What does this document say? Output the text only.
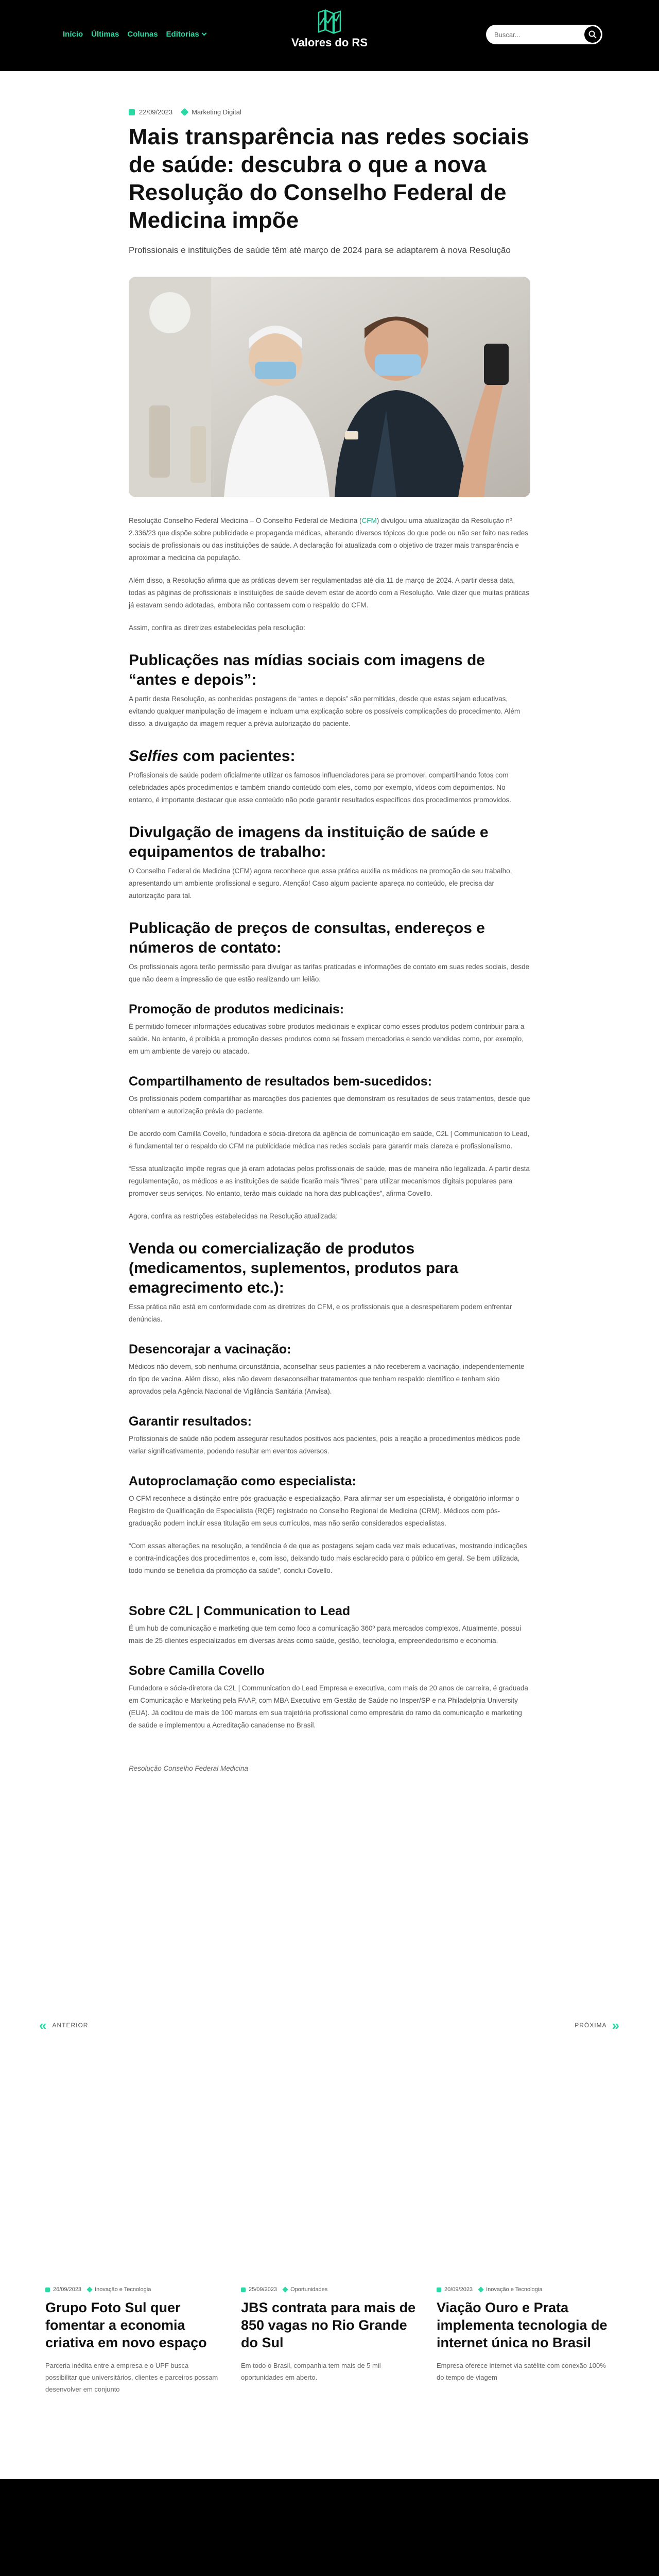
Início Últimas Colunas Editorias
Valores do RS
Buscar...
22/09/2023	Marketing Digital
Mais transparência nas redes sociais de saúde: descubra o que a nova Resolução do Conselho Federal de Medicina impõe

Profissionais e instituições de saúde têm até março de 2024 para se adaptarem à nova Resolução

Resolução Conselho Federal Medicina – O Conselho Federal de Medicina (CFM) divulgou uma atualização da Resolução nº 2.336/23 que dispõe sobre publicidade e propaganda médicas, alterando diversos tópicos do que pode ou não ser feito nas redes sociais de profissionais ou das instituições de saúde. A declaração foi atualizada com o objetivo de trazer mais transparência e aproximar a medicina da população.

Além disso, a Resolução afirma que as práticas devem ser regulamentadas até dia 11 de março de 2024. A partir dessa data, todas as páginas de profissionais e instituições de saúde devem estar de acordo com a Resolução. Vale dizer que muitas práticas já estavam sendo adotadas, embora não contassem com o respaldo do CFM.

Assim, confira as diretrizes estabelecidas pela resolução:

Publicações nas mídias sociais com imagens de “antes e depois”:

A partir desta Resolução, as conhecidas postagens de “antes e depois” são permitidas, desde que estas sejam educativas, evitando qualquer manipulação de imagem e incluam uma explicação sobre os possíveis complicações do procedimento. Além disso, a divulgação da imagem requer a prévia autorização do paciente.

Selfies com pacientes:

Profissionais de saúde podem oficialmente utilizar os famosos influenciadores para se promover, compartilhando fotos com celebridades após procedimentos e também criando conteúdo com eles, como por exemplo, vídeos com depoimentos. No entanto, é importante destacar que esse conteúdo não pode garantir resultados específicos dos procedimentos promovidos.

Divulgação de imagens da instituição de saúde e equipamentos de trabalho:

O Conselho Federal de Medicina (CFM) agora reconhece que essa prática auxilia os médicos na promoção de seu trabalho, apresentando um ambiente profissional e seguro. Atenção! Caso algum paciente apareça no conteúdo, ele precisa dar autorização para tal.

Publicação de preços de consultas, endereços e números de contato:

Os profissionais agora terão permissão para divulgar as tarifas praticadas e informações de contato em suas redes sociais, desde que não deem a impressão de que estão realizando um leilão.

Promoção de produtos medicinais:

É permitido fornecer informações educativas sobre produtos medicinais e explicar como esses produtos podem contribuir para a saúde. No entanto, é proibida a promoção desses produtos como se fossem mercadorias e sendo vendidas como, por exemplo, em um ambiente de varejo ou atacado.

Compartilhamento de resultados bem-sucedidos:

Os profissionais podem compartilhar as marcações dos pacientes que demonstram os resultados de seus tratamentos, desde que obtenham a autorização prévia do paciente.

De acordo com Camilla Covello, fundadora e sócia-diretora da agência de comunicação em saúde, C2L | Communication to Lead, é fundamental ter o respaldo do CFM na publicidade médica nas redes sociais para garantir mais clareza e profissionalismo.

“Essa atualização impõe regras que já eram adotadas pelos profissionais de saúde, mas de maneira não legalizada. A partir desta regulamentação, os médicos e as instituições de saúde ficarão mais “livres” para utilizar mecanismos digitais populares para promover seus serviços. No entanto, terão mais cuidado na hora das publicações”, afirma Covello.

Agora, confira as restrições estabelecidas na Resolução atualizada:

Venda ou comercialização de produtos (medicamentos, suplementos, produtos para emagrecimento etc.):

Essa prática não está em conformidade com as diretrizes do CFM, e os profissionais que a desrespeitarem podem enfrentar denúncias.

Desencorajar a vacinação:

Médicos não devem, sob nenhuma circunstância, aconselhar seus pacientes a não receberem a vacinação, independentemente do tipo de vacina. Além disso, eles não devem desaconselhar tratamentos que tenham respaldo científico e tenham sido aprovados pela Agência Nacional de Vigilância Sanitária (Anvisa).

Garantir resultados:

Profissionais de saúde não podem assegurar resultados positivos aos pacientes, pois a reação a procedimentos médicos pode variar significativamente, podendo resultar em eventos adversos.

Autoproclamação como especialista:

O CFM reconhece a distinção entre pós-graduação e especialização. Para afirmar ser um especialista, é obrigatório informar o Registro de Qualificação de Especialista (RQE) registrado no Conselho Regional de Medicina (CRM). Médicos com pós-graduação podem incluir essa titulação em seus currículos, mas não serão considerados especialistas.

“Com essas alterações na resolução, a tendência é de que as postagens sejam cada vez mais educativas, mostrando indicações e contra-indicações dos procedimentos e, com isso, deixando tudo mais esclarecido para o público em geral. Se bem utilizada, todo mundo se beneficia da promoção da saúde”, conclui Covello.

Sobre C2L | Communication to Lead

É um hub de comunicação e marketing que tem como foco a comunicação 360º para mercados complexos. Atualmente, possui mais de 25 clientes especializados em diversas áreas como saúde, gestão, tecnologia, empreendedorismo e economia.

Sobre Camilla Covello

Fundadora e sócia-diretora da C2L | Communication do Lead Empresa e executiva, com mais de 20 anos de carreira, é graduada em Comunicação e Marketing pela FAAP, com MBA Executivo em Gestão de Saúde no Insper/SP e na Philadelphia University (EUA). Já coditou de mais de 100 marcas em sua trajetória profissional como empresária do ramo da comunicação e marketing de saúde e implementou a Acreditação canadense no Brasil.

Resolução Conselho Federal Medicina

« ANTERIOR	PRÓXIMA »
26/09/2023 Inovação e Tecnologia
Grupo Foto Sul quer fomentar a economia criativa em novo espaço

Parceria inédita entre a empresa e o UPF busca possibilitar que universitários, clientes e parceiros possam desenvolver em conjunto

25/09/2023 Oportunidades
JBS contrata para mais de 850 vagas no Rio Grande do Sul

Em todo o Brasil, companhia tem mais de 5 mil oportunidades em aberto.

20/09/2023 Inovação e Tecnologia
Viação Ouro e Prata implementa tecnologia de internet única no Brasil

Empresa oferece internet via satélite com conexão 100% do tempo de viagem
